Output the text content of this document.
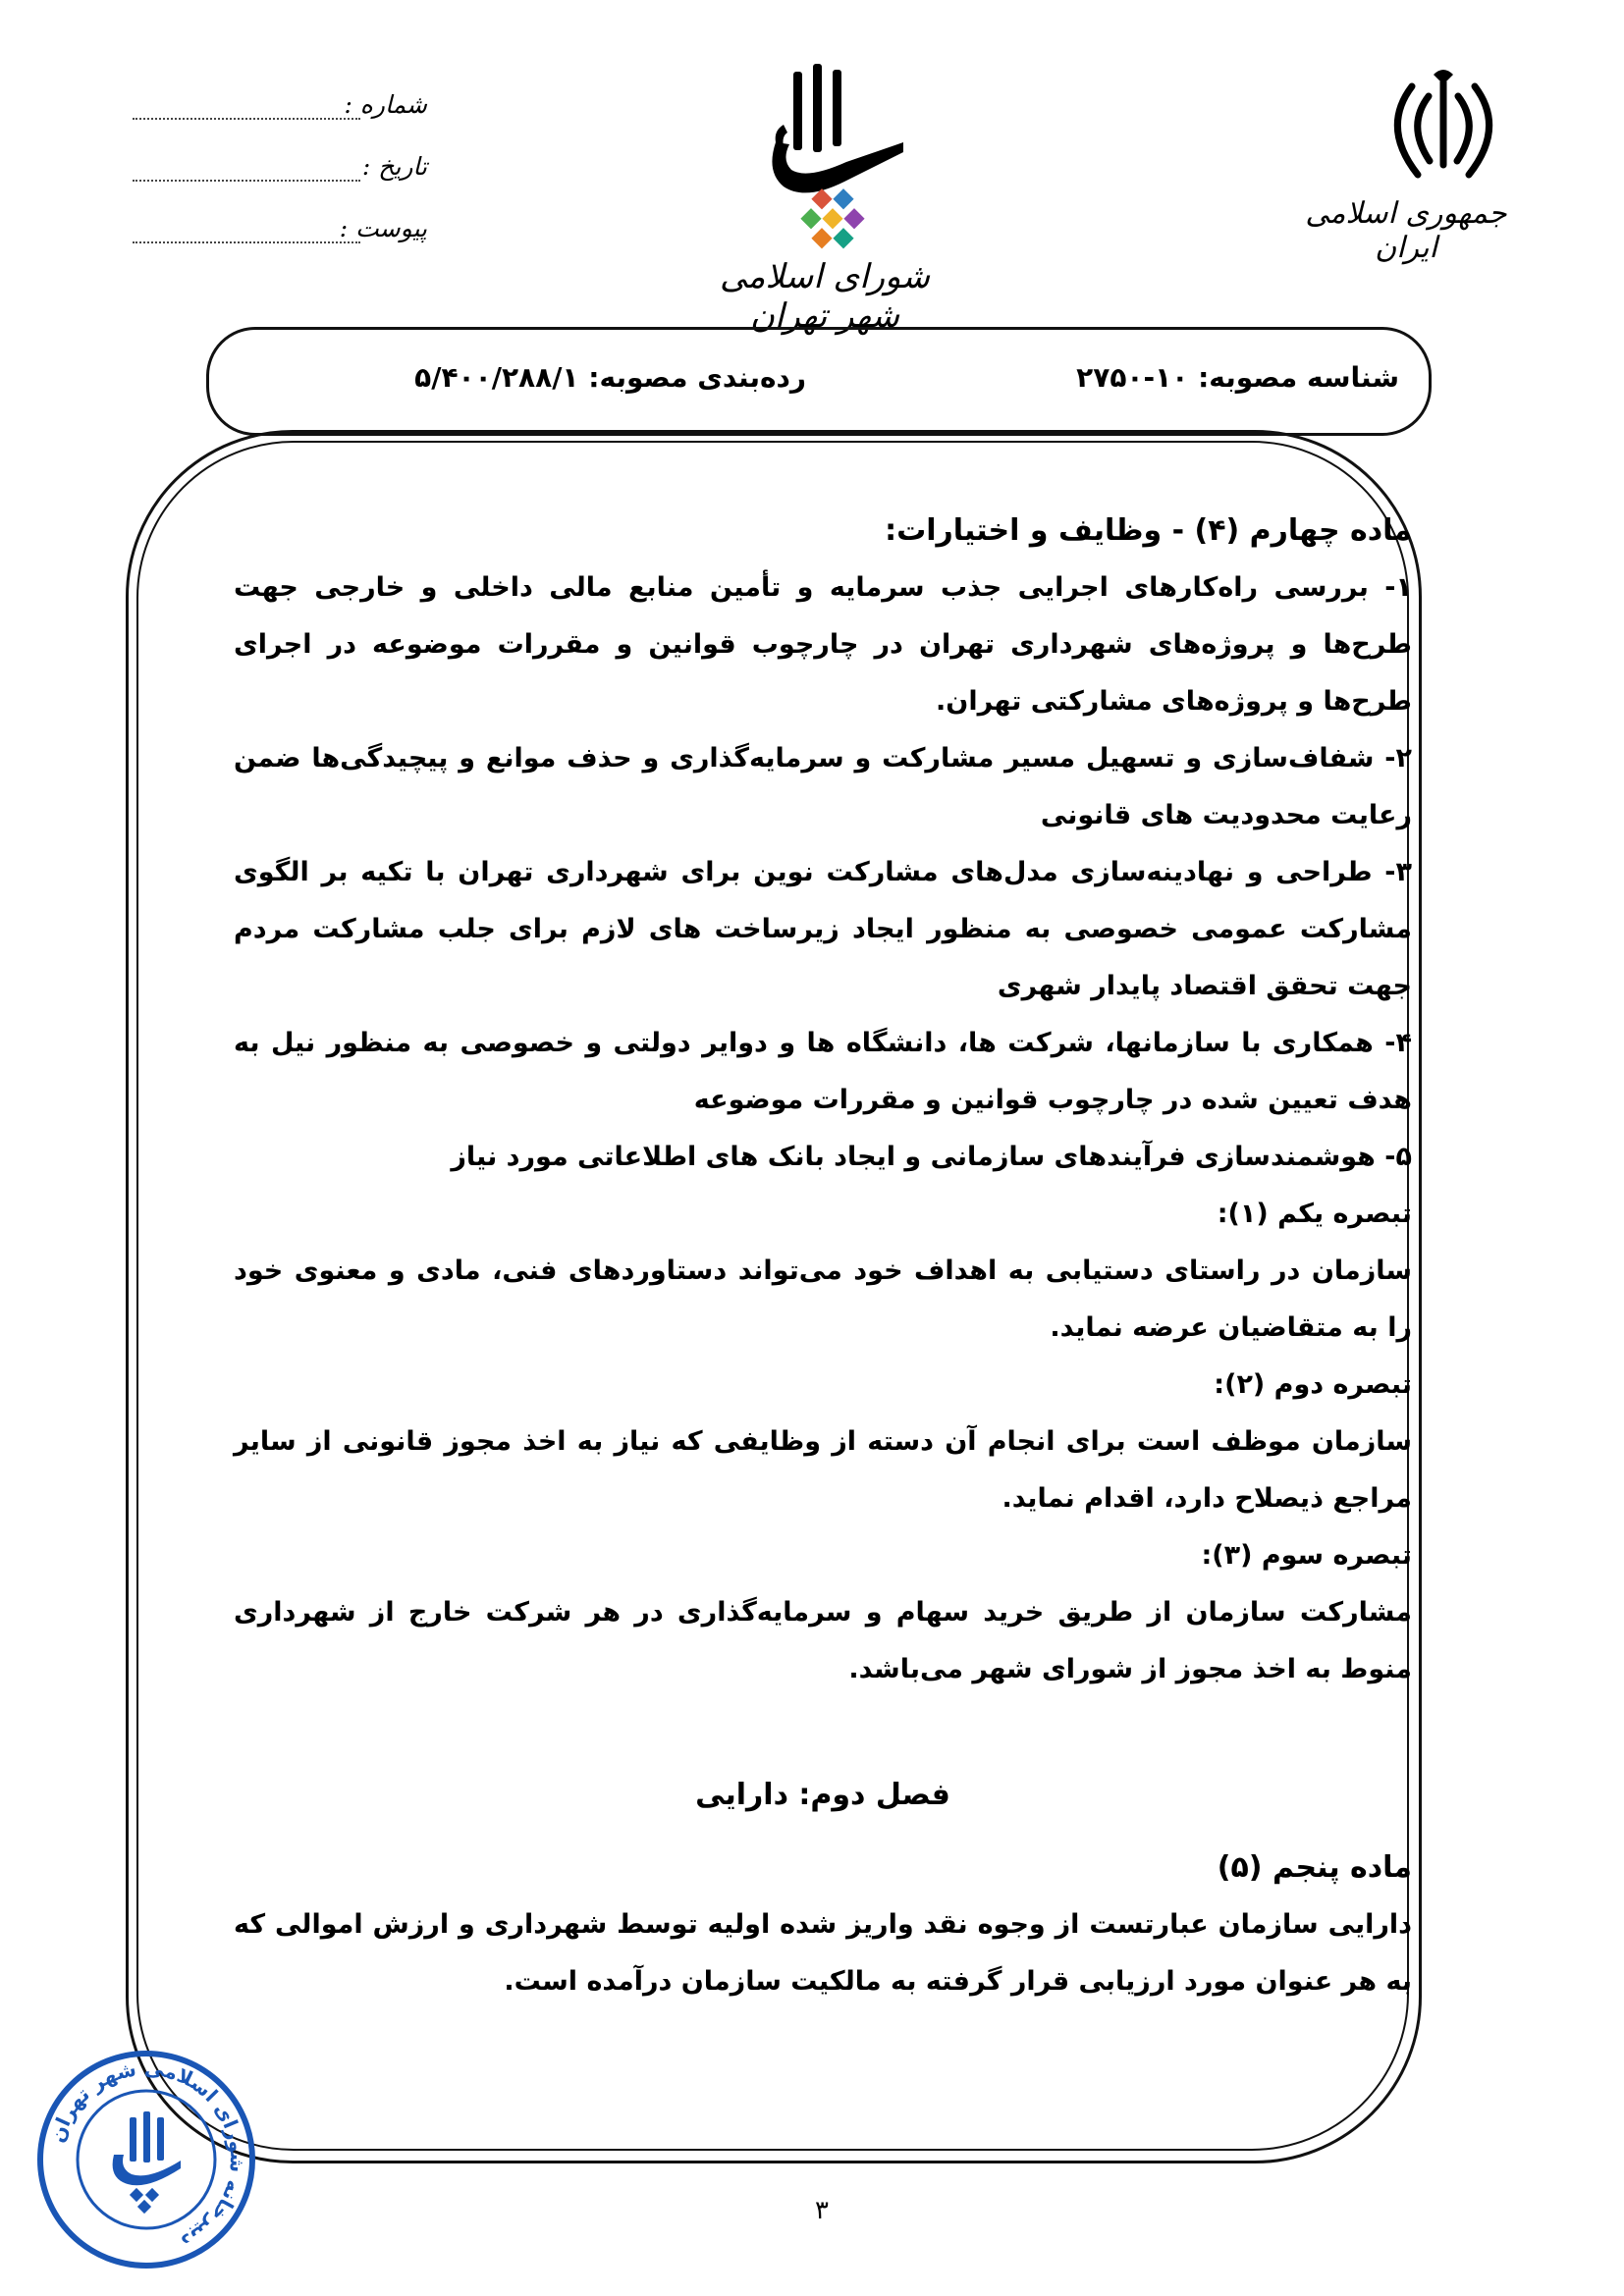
شماره :
تاریخ :
پیوست :
شورای اسلامی شهر تهران
جمهوری اسلامی ایران
شناسه مصوبه: ۱۰-۲۷۵۰
رده‌بندی مصوبه: ۵/۴۰۰/۲۸۸/۱

ماده چهارم (۴) - وظایف و اختیارات:

۱- بررسی راه‌کارهای اجرایی جذب سرمایه و تأمین منابع مالی داخلی و خارجی جهت طرح‌ها و پروژه‌های شهرداری تهران در چارچوب قوانین و مقررات موضوعه در اجرای طرح‌ها و پروژه‌های مشارکتی تهران.

۲- شفاف‌سازی و تسهیل مسیر مشارکت و سرمایه‌گذاری و حذف موانع و پیچیدگی‌ها ضمن رعایت محدودیت های قانونی

۳- طراحی و نهادینه‌سازی مدل‌های مشارکت نوین برای شهرداری تهران با تکیه بر الگوی مشارکت عمومی خصوصی به منظور ایجاد زیرساخت های لازم برای جلب مشارکت مردم جهت تحقق اقتصاد پایدار شهری

۴- همکاری با سازمانها، شرکت ها، دانشگاه ها و دوایر دولتی و خصوصی به منظور نیل به هدف تعیین شده در چارچوب قوانین و مقررات موضوعه

۵- هوشمندسازی فرآیندهای سازمانی و ایجاد بانک های اطلاعاتی مورد نیاز

تبصره یکم (۱):

سازمان در راستای دستیابی به اهداف خود می‌تواند دستاوردهای فنی، مادی و معنوی خود را به متقاضیان عرضه نماید.

تبصره دوم (۲):

سازمان موظف است برای انجام آن دسته از وظایفی که نیاز به اخذ مجوز قانونی از سایر مراجع ذیصلاح دارد، اقدام نماید.

تبصره سوم (۳):

مشارکت سازمان از طریق خرید سهام و سرمایه‌گذاری در هر شرکت خارج از شهرداری منوط به اخذ مجوز از شورای شهر می‌باشد.

فصل دوم: دارایی

ماده پنجم (۵)

دارایی سازمان عبارتست از وجوه نقد واریز شده اولیه توسط شهرداری و ارزش اموالی که به هر عنوان مورد ارزیابی قرار گرفته به مالکیت سازمان درآمده است.

دبیرخانه شورای اسلامی شهر تهران
۳
